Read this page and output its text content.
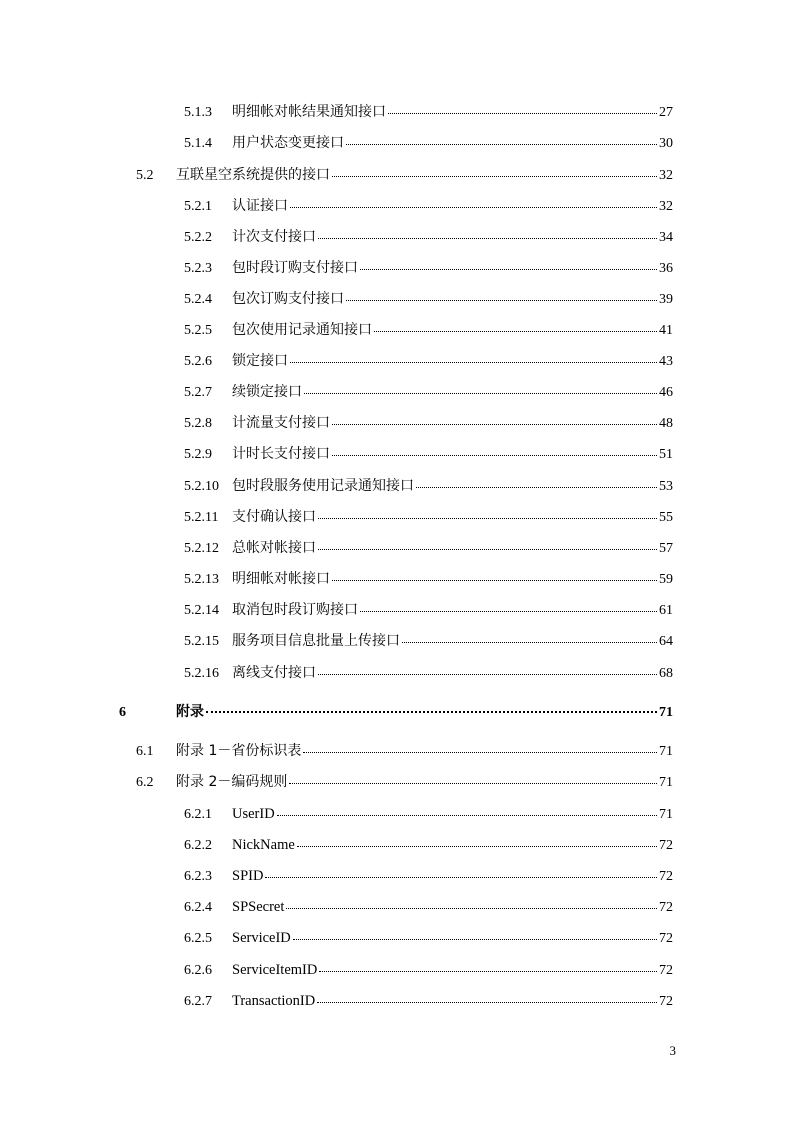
5.1.3	明细帐对帐结果通知接口	27
5.1.4	用户状态变更接口	30
5.2	互联星空系统提供的接口	32
5.2.1	认证接口	32
5.2.2	计次支付接口	34
5.2.3	包时段订购支付接口	36
5.2.4	包次订购支付接口	39
5.2.5	包次使用记录通知接口	41
5.2.6	锁定接口	43
5.2.7	续锁定接口	46
5.2.8	计流量支付接口	48
5.2.9	计时长支付接口	51
5.2.10 包时段服务使用记录通知接口	53
5.2.11 支付确认接口	55
5.2.12 总帐对帐接口	57
5.2.13 明细帐对帐接口	59
5.2.14 取消包时段订购接口	61
5.2.15 服务项目信息批量上传接口	64
5.2.16 离线支付接口	68
6	附录	71
6.1	附录 1－省份标识表	71
6.2	附录 2－编码规则	71
6.2.1	UserID	71
6.2.2	NickName	72
6.2.3	SPID	72
6.2.4	SPSecret	72
6.2.5	ServiceID	72
6.2.6	ServiceItemID	72
6.2.7	TransactionID	72
3
